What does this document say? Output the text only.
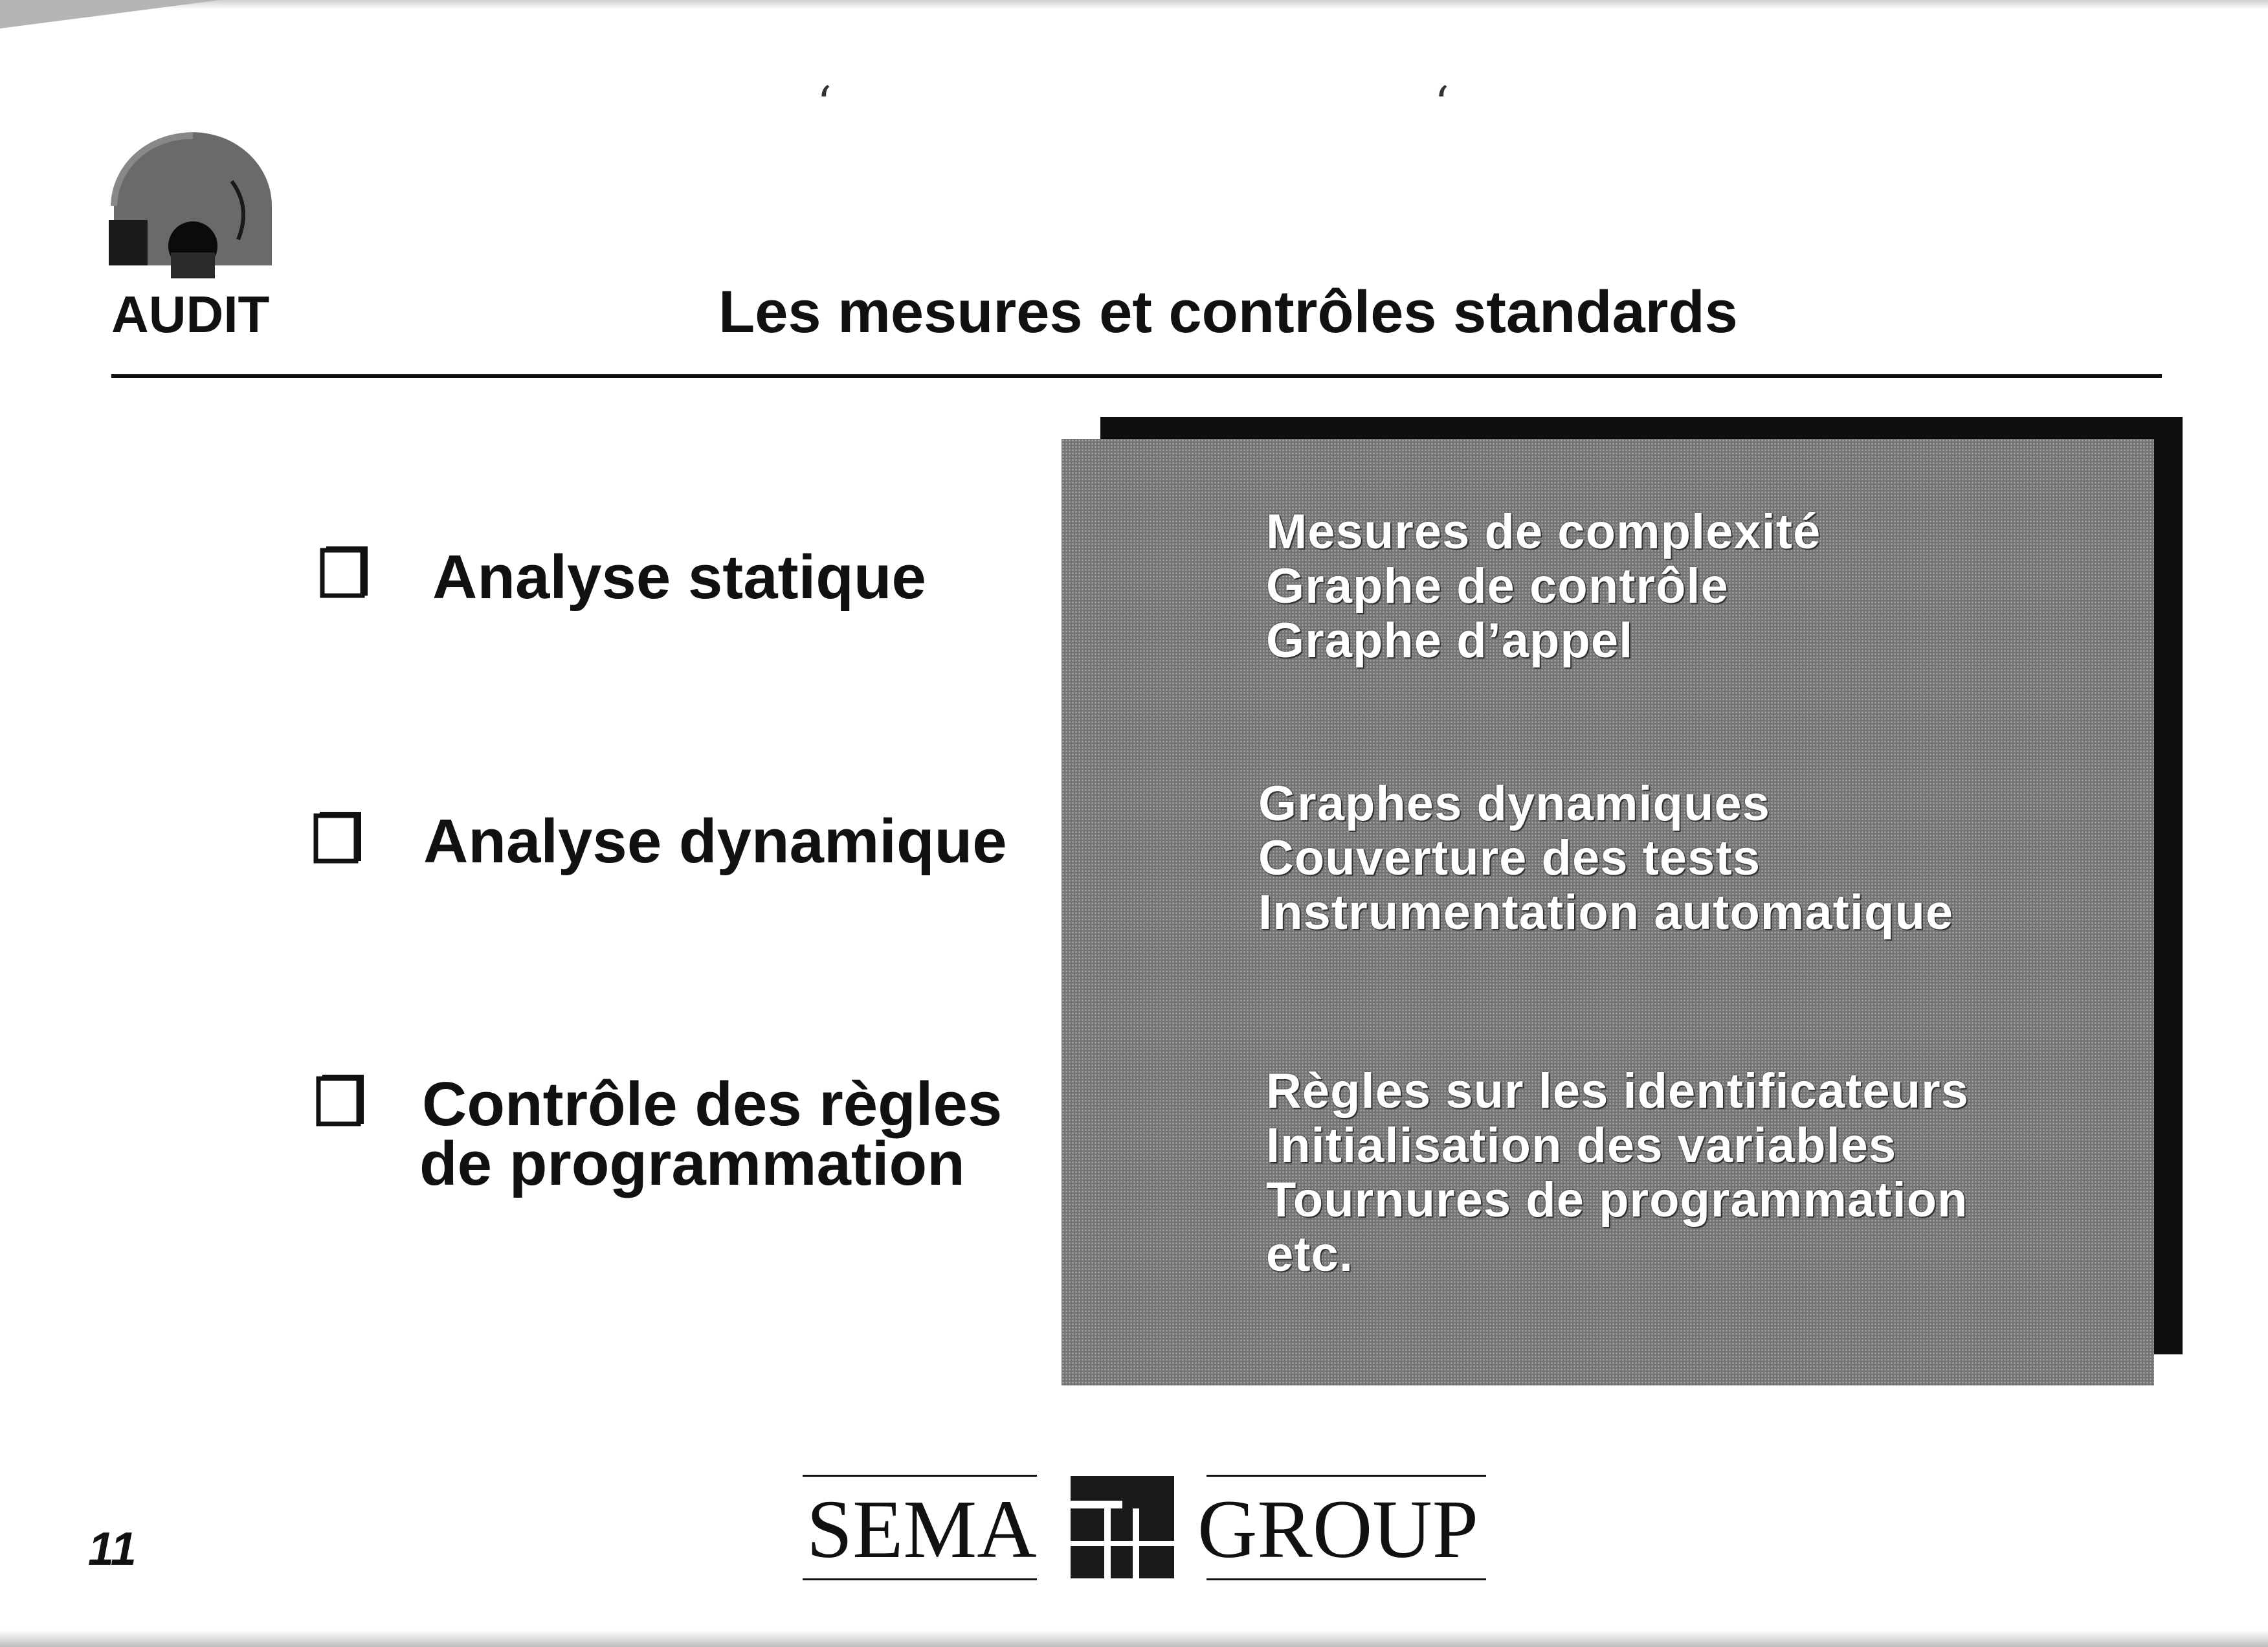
‘	‘
AUDIT	Les mesures et contrôles standards
Analyse statique
Analyse dynamique
Contrôle des règles
de programmation
Mesures de complexité
Graphe de contrôle
Graphe d’appel
Graphes dynamiques
Couverture des tests
Instrumentation automatique
Règles sur les identificateurs
Initialisation des variables
Tournures de programmation
etc.
SEMA GROUP
11
